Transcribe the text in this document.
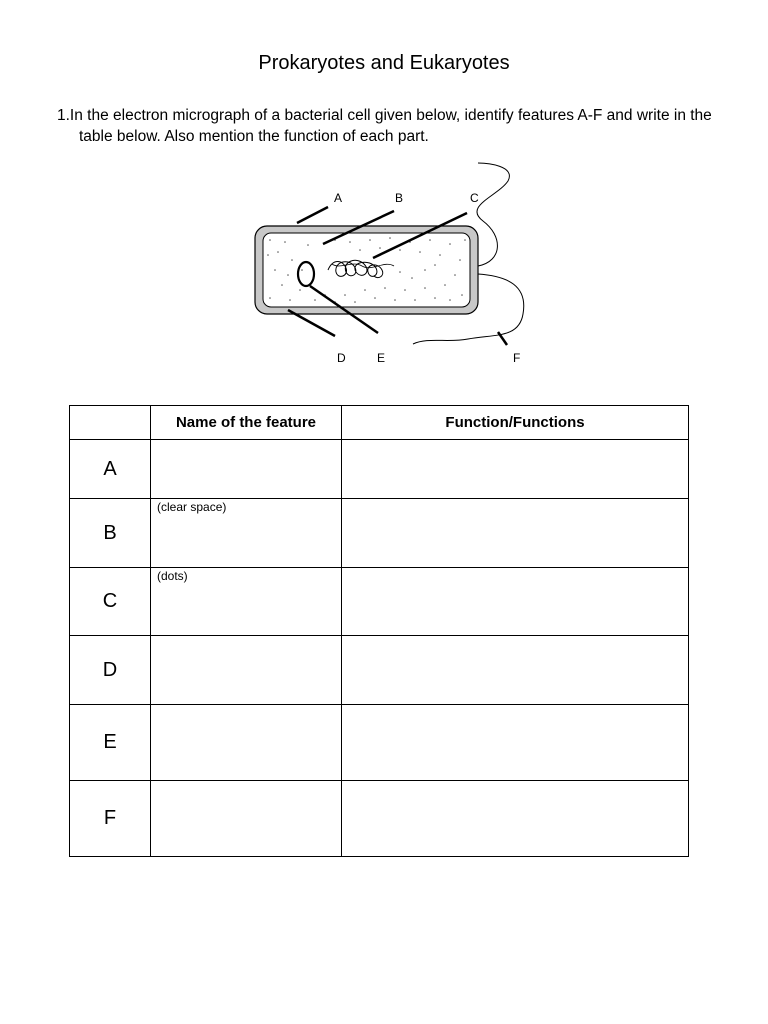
Prokaryotes and Eukaryotes
1.In the electron micrograph of a bacterial cell given below, identify features A-F and write in the table below. Also mention the function of each part.
A	B	C
D	E	F
	Name of the feature	Function/Functions
A	

B	(clear space)	

C	(dots)	

D	

E	

F	
